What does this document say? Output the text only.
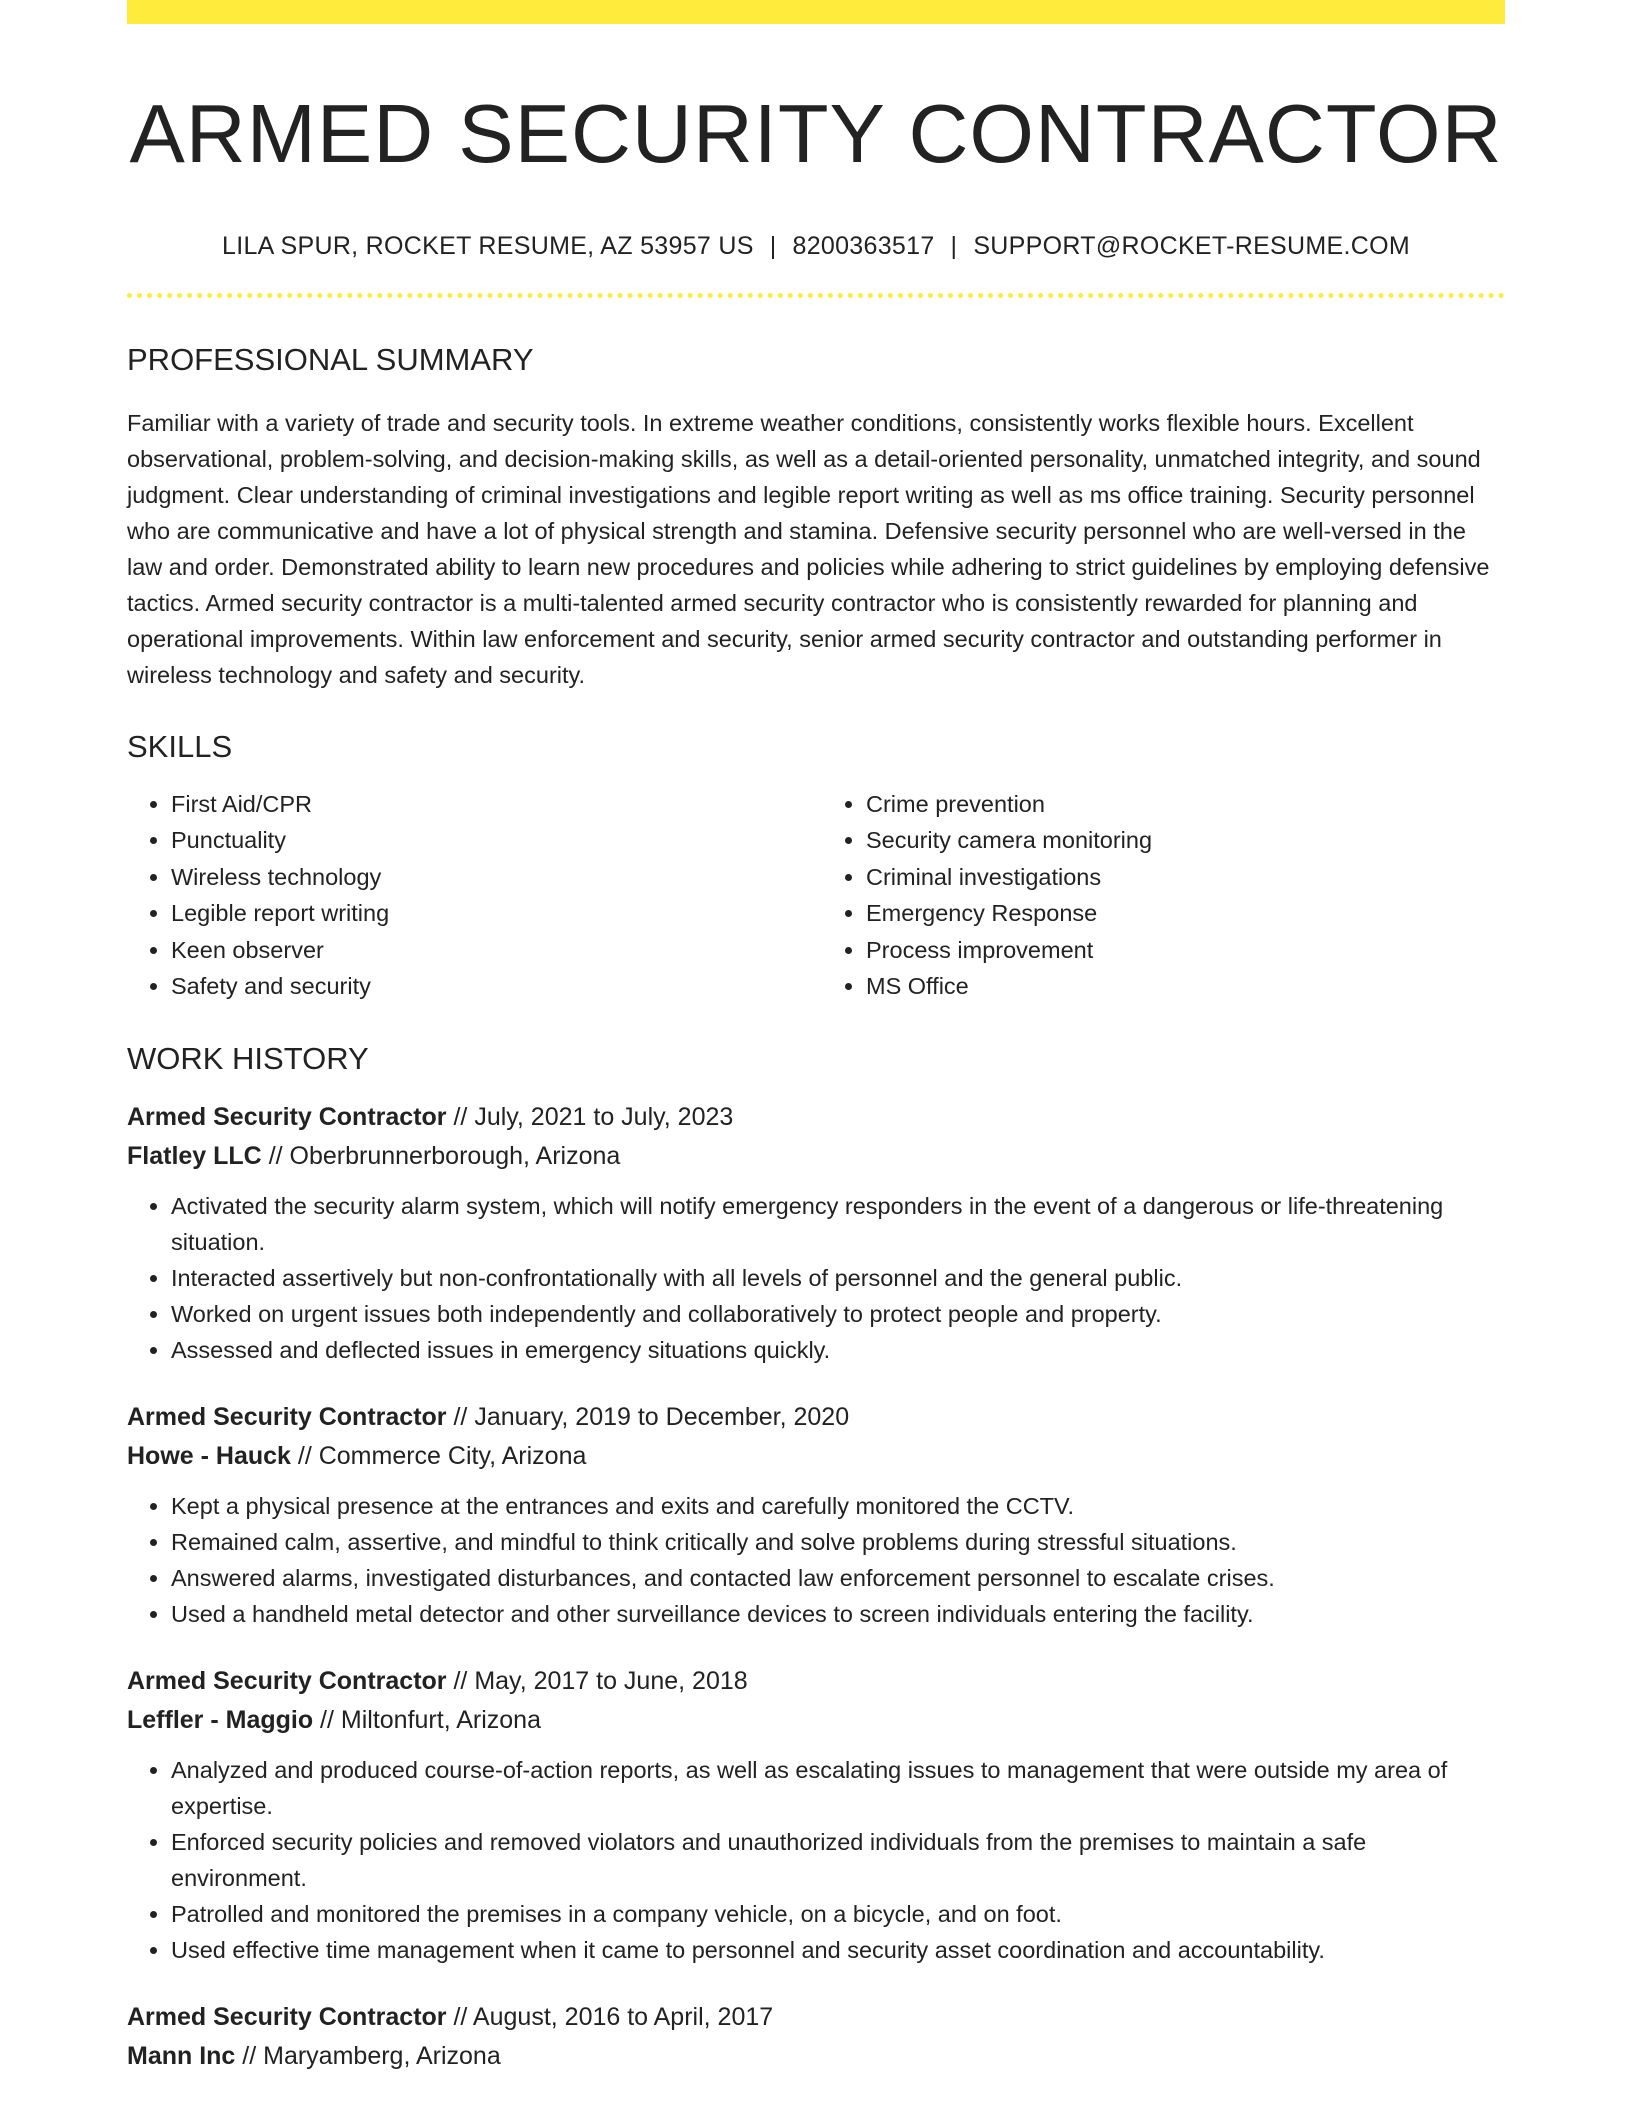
ARMED SECURITY CONTRACTOR
LILA SPUR, ROCKET RESUME, AZ 53957 US | 8200363517 | SUPPORT@ROCKET-RESUME.COM
PROFESSIONAL SUMMARY

Familiar with a variety of trade and security tools. In extreme weather conditions, consistently works flexible hours. Excellent observational, problem-solving, and decision-making skills, as well as a detail-oriented personality, unmatched integrity, and sound judgment. Clear understanding of criminal investigations and legible report writing as well as ms office training. Security personnel who are communicative and have a lot of physical strength and stamina. Defensive security personnel who are well-versed in the law and order. Demonstrated ability to learn new procedures and policies while adhering to strict guidelines by employing defensive tactics. Armed security contractor is a multi-talented armed security contractor who is consistently rewarded for planning and operational improvements. Within law enforcement and security, senior armed security contractor and outstanding performer in wireless technology and safety and security.

SKILLS
• First Aid/CPR
• Punctuality
• Wireless technology
• Legible report writing
• Keen observer
• Safety and security
• Crime prevention
• Security camera monitoring
• Criminal investigations
• Emergency Response
• Process improvement
• MS Office
WORK HISTORY
Armed Security Contractor // July, 2021 to July, 2023
Flatley LLC // Oberbrunnerborough, Arizona
• Activated the security alarm system, which will notify emergency responders in the event of a dangerous or life-threatening situation.
• Interacted assertively but non-confrontationally with all levels of personnel and the general public.
• Worked on urgent issues both independently and collaboratively to protect people and property.
• Assessed and deflected issues in emergency situations quickly.
Armed Security Contractor // January, 2019 to December, 2020
Howe - Hauck // Commerce City, Arizona
• Kept a physical presence at the entrances and exits and carefully monitored the CCTV.
• Remained calm, assertive, and mindful to think critically and solve problems during stressful situations.
• Answered alarms, investigated disturbances, and contacted law enforcement personnel to escalate crises.
• Used a handheld metal detector and other surveillance devices to screen individuals entering the facility.
Armed Security Contractor // May, 2017 to June, 2018
Leffler - Maggio // Miltonfurt, Arizona
• Analyzed and produced course-of-action reports, as well as escalating issues to management that were outside my area of expertise.
• Enforced security policies and removed violators and unauthorized individuals from the premises to maintain a safe environment.
• Patrolled and monitored the premises in a company vehicle, on a bicycle, and on foot.
• Used effective time management when it came to personnel and security asset coordination and accountability.
Armed Security Contractor // August, 2016 to April, 2017
Mann Inc // Maryamberg, Arizona
